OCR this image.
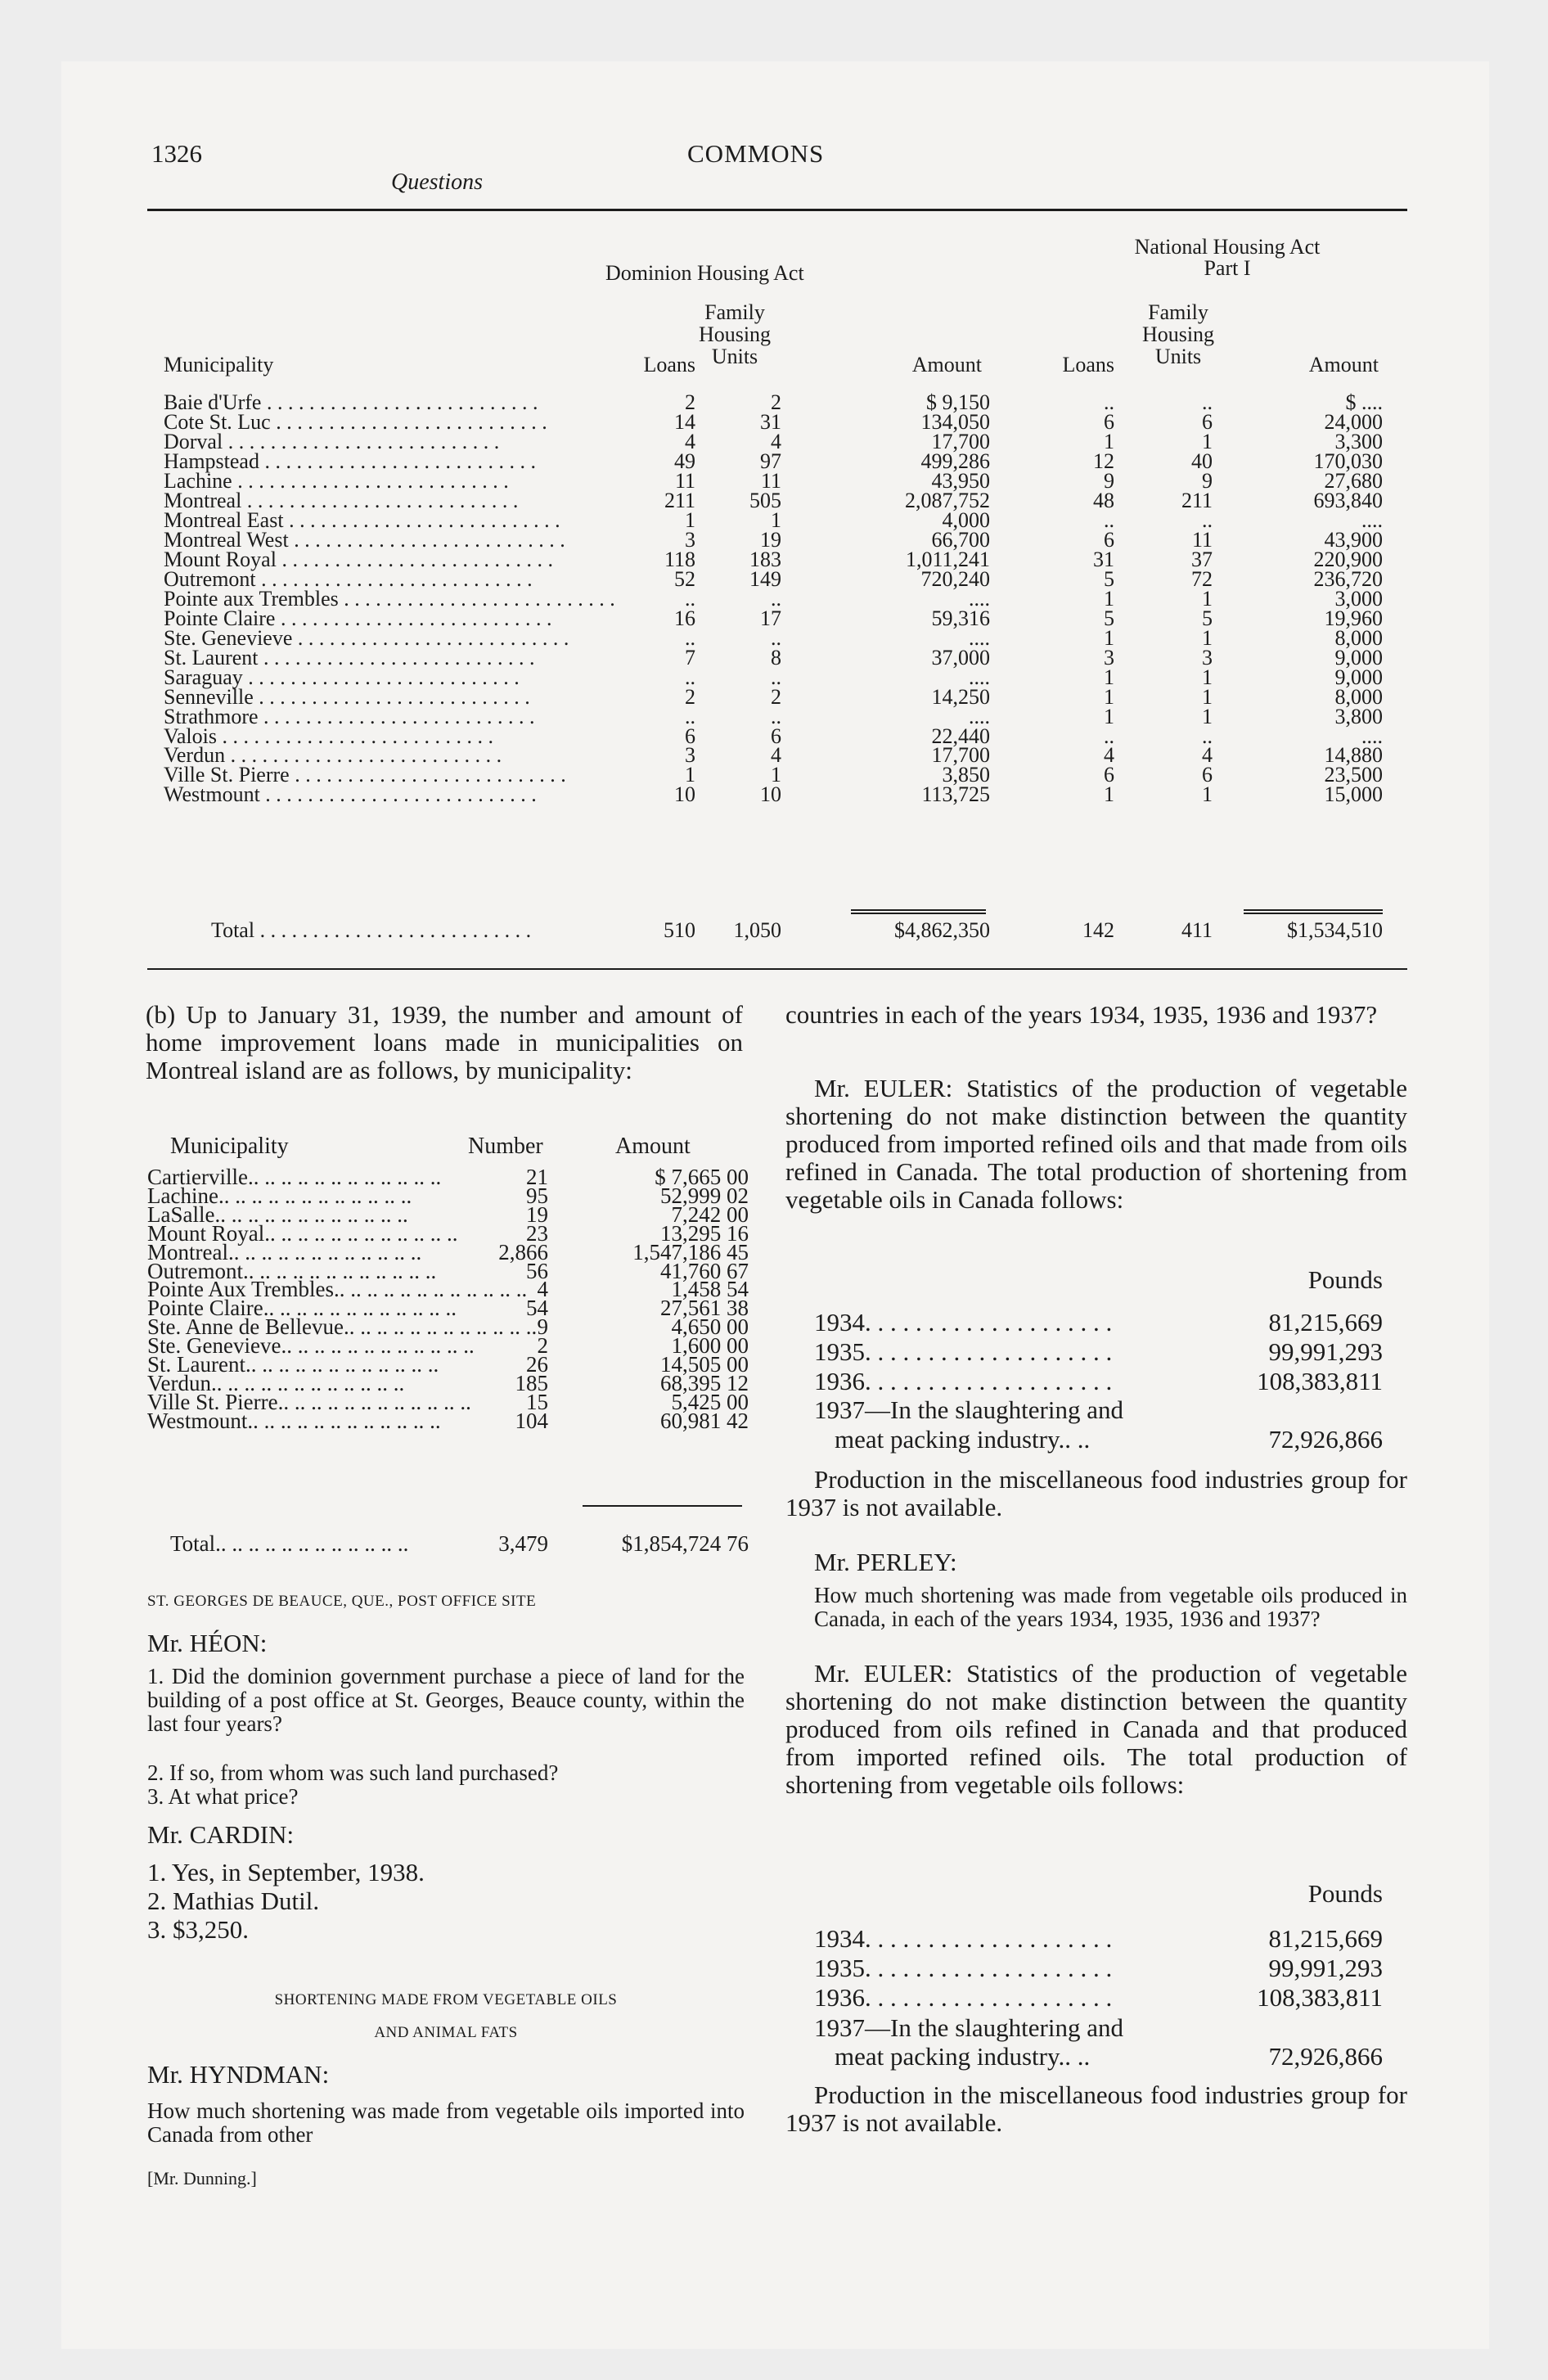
1326	COMMONS
Questions
Dominion Housing Act
National Housing Act
Part I
Family
Housing
Units
Family
Housing
Units
Municipality	Loans	Amount	Loans	Amount
Baie d'Urfe . . . . . . . . . . . . . . . . . . . . . . . . . .	2	2	$ 9,150	..	..	$ ....
Cote St. Luc . . . . . . . . . . . . . . . . . . . . . . . . . .	14	31	134,050	6	6	24,000
Dorval . . . . . . . . . . . . . . . . . . . . . . . . . .	4	4	17,700	1	1	3,300
Hampstead . . . . . . . . . . . . . . . . . . . . . . . . . .	49	97	499,286	12	40	170,030
Lachine . . . . . . . . . . . . . . . . . . . . . . . . . .	11	11	43,950	9	9	27,680
Montreal . . . . . . . . . . . . . . . . . . . . . . . . . .	211	505	2,087,752	48	211	693,840
Montreal East . . . . . . . . . . . . . . . . . . . . . . . . . .	1	1	4,000	..	..	....
Montreal West . . . . . . . . . . . . . . . . . . . . . . . . . .	3	19	66,700	6	11	43,900
Mount Royal . . . . . . . . . . . . . . . . . . . . . . . . . .	118	183	1,011,241	31	37	220,900
Outremont . . . . . . . . . . . . . . . . . . . . . . . . . .	52	149	720,240	5	72	236,720
Pointe aux Trembles . . . . . . . . . . . . . . . . . . . . . . . . . .	..	..	....	1	1	3,000
Pointe Claire . . . . . . . . . . . . . . . . . . . . . . . . . .	16	17	59,316	5	5	19,960
Ste. Genevieve . . . . . . . . . . . . . . . . . . . . . . . . . .	..	..	....	1	1	8,000
St. Laurent . . . . . . . . . . . . . . . . . . . . . . . . . .	7	8	37,000	3	3	9,000
Saraguay . . . . . . . . . . . . . . . . . . . . . . . . . .	..	..	....	1	1	9,000
Senneville . . . . . . . . . . . . . . . . . . . . . . . . . .	2	2	14,250	1	1	8,000
Strathmore . . . . . . . . . . . . . . . . . . . . . . . . . .	..	..	....	1	1	3,800
Valois . . . . . . . . . . . . . . . . . . . . . . . . . .	6	6	22,440	..	..	....
Verdun . . . . . . . . . . . . . . . . . . . . . . . . . .	3	4	17,700	4	4	14,880
Ville St. Pierre . . . . . . . . . . . . . . . . . . . . . . . . . .	1	1	3,850	6	6	23,500
Westmount . . . . . . . . . . . . . . . . . . . . . . . . . .	10	10	113,725	1	1	15,000
Total . . . . . . . . . . . . . . . . . . . . . . . . . .	510	1,050	$4,862,350	142	411	$1,534,510
(b) Up to January 31, 1939, the number and amount of home improvement loans made in municipalities on Montreal island are as follows, by municipality:
Municipality	Number	Amount
Cartierville.. .. .. .. .. .. .. .. .. .. .. ..	21	$ 7,665 00
Lachine.. .. .. .. .. .. .. .. .. .. .. ..	95	52,999 02
LaSalle.. .. .. .. .. .. .. .. .. .. .. ..	19	7,242 00
Mount Royal.. .. .. .. .. .. .. .. .. .. .. ..	23	13,295 16
Montreal.. .. .. .. .. .. .. .. .. .. .. ..	2,866	1,547,186 45
Outremont.. .. .. .. .. .. .. .. .. .. .. ..	56	41,760 67
Pointe Aux Trembles.. .. .. .. .. .. .. .. .. .. .. .. 4	1,458 54
Pointe Claire.. .. .. .. .. .. .. .. .. .. .. ..	54	27,561 38
Ste. Anne de Bellevue.. .. .. .. .. .. .. .. .. .. .. .. 9	4,650 00
Ste. Genevieve.. .. .. .. .. .. .. .. .. .. .. ..	2	1,600 00
St. Laurent.. .. .. .. .. .. .. .. .. .. .. ..	26	14,505 00
Verdun.. .. .. .. .. .. .. .. .. .. .. ..	185	68,395 12
Ville St. Pierre.. .. .. .. .. .. .. .. .. .. .. ..	15	5,425 00
Westmount.. .. .. .. .. .. .. .. .. .. .. ..	104	60,981 42
Total.. .. .. .. .. .. .. .. .. .. .. ..	3,479	$1,854,724 76
ST. GEORGES DE BEAUCE, QUE., POST OFFICE SITE
Mr. HÉON:
1. Did the dominion government purchase a piece of land for the building of a post office at St. Georges, Beauce county, within the last four years?
2. If so, from whom was such land purchased?
3. At what price?
Mr. CARDIN:
1. Yes, in September, 1938.
2. Mathias Dutil.
3. $3,250.
SHORTENING MADE FROM VEGETABLE OILS
AND ANIMAL FATS
Mr. HYNDMAN:
How much shortening was made from vegetable oils imported into Canada from other
[Mr. Dunning.]
countries in each of the years 1934, 1935, 1936 and 1937?
Mr. EULER: Statistics of the production of vegetable shortening do not make distinction between the quantity produced from imported refined oils and that made from oils refined in Canada. The total production of shortening from vegetable oils in Canada follows:
Pounds
1934. . . . . . . . . . . . . . . . . . . .	81,215,669
1935. . . . . . . . . . . . . . . . . . . .	99,991,293
1936. . . . . . . . . . . . . . . . . . . .	108,383,811
1937—In the slaughtering and
meat packing industry.. ..	72,926,866
Production in the miscellaneous food industries group for 1937 is not available.
Mr. PERLEY:
How much shortening was made from vegetable oils produced in Canada, in each of the years 1934, 1935, 1936 and 1937?
Mr. EULER: Statistics of the production of vegetable shortening do not make distinction between the quantity produced from oils refined in Canada and that produced from imported refined oils. The total production of shortening from vegetable oils follows:
Pounds
1934. . . . . . . . . . . . . . . . . . . .	81,215,669
1935. . . . . . . . . . . . . . . . . . . .	99,991,293
1936. . . . . . . . . . . . . . . . . . . .	108,383,811
1937—In the slaughtering and
meat packing industry.. ..	72,926,866
Production in the miscellaneous food industries group for 1937 is not available.
